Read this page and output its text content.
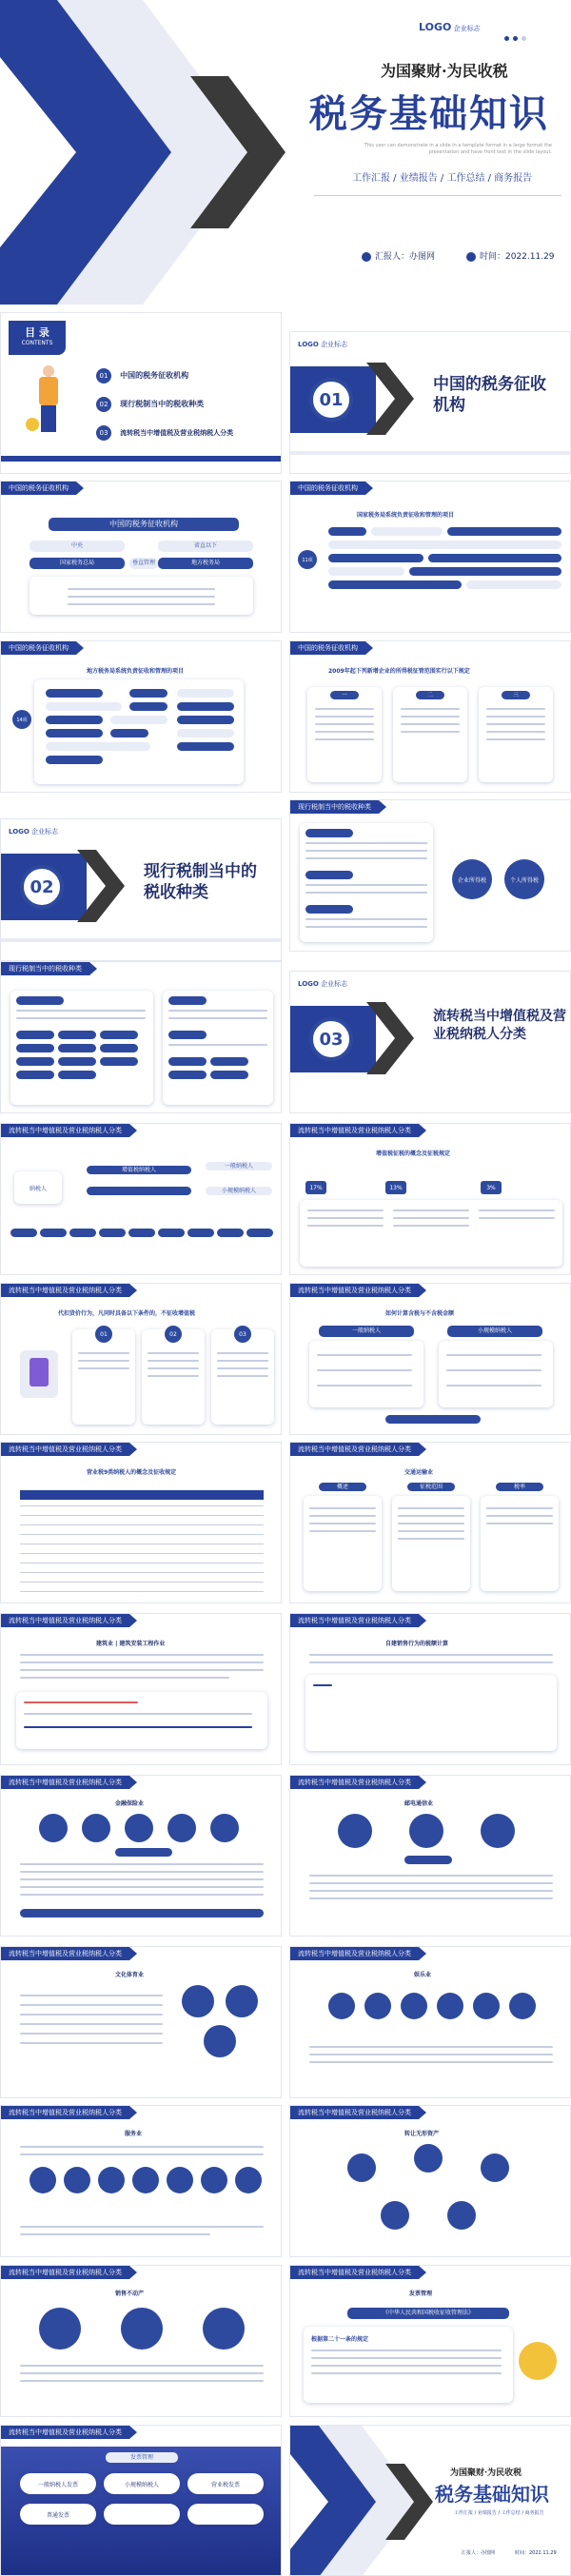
LOGO 企业标志
为国聚财·为民收税
税务基础知识
This user can demonstrate in a slide in a template format in a large format the presentation and have front text in the slide layout.
工作汇报 / 业绩报告 / 工作总结 / 商务报告
汇报人：办图网	时间：2022.11.29
目 录
CONTENTS
01 中国的税务征收机构
02 现行税制当中的税收种类
03 流转税当中增值税及营业税纳税人分类
LOGO 企业标志
01
中国的税务征收机构
中国的税务征收机构
中国的税务征收机构
中央	省直以下
国家税务总局	垂直管理	地方税务局
中国的税务征收机构
国家税务局系统负责征收和管理的项目
11项
中国的税务征收机构
地方税务局系统负责征收和管理的项目
14项
中国的税务征收机构
2009年起下列新增企业的所得税征管范围实行以下规定
一	二	三
LOGO 企业标志
02
现行税制当中的税收种类
现行税制当中的税收种类
企业所得税	个人所得税
现行税制当中的税收种类
LOGO 企业标志
03
流转税当中增值税及营业税纳税人分类
流转税当中增值税及营业税纳税人分类
纳税人
增值税纳税人
一般纳税人
小规模纳税人
流转税当中增值税及营业税纳税人分类
增值税征税的概念及征税规定
17%	13%	3%
流转税当中增值税及营业税纳税人分类
代扣货价行为，凡同时具备以下条件的，不征收增值税
01	02	03
流转税当中增值税及营业税纳税人分类
如何计算含税与不含税金额
一般纳税人	小规模纳税人
流转税当中增值税及营业税纳税人分类
营业税9类纳税人的概念及征收规定
流转税当中增值税及营业税纳税人分类
交通运输业
概述	征税范围	税率
流转税当中增值税及营业税纳税人分类
建筑业 | 建筑安装工程作业
流转税当中增值税及营业税纳税人分类
自建销售行为的税额计算
流转税当中增值税及营业税纳税人分类
金融保险业
流转税当中增值税及营业税纳税人分类
邮电通信业
流转税当中增值税及营业税纳税人分类
文化体育业
流转税当中增值税及营业税纳税人分类
娱乐业
流转税当中增值税及营业税纳税人分类
服务业
流转税当中增值税及营业税纳税人分类
转让无形资产
流转税当中增值税及营业税纳税人分类
销售不动产
流转税当中增值税及营业税纳税人分类
发票管理
《中华人民共和国税收征收管理法》
根据第二十一条的规定
流转税当中增值税及营业税纳税人分类
发票管理
一般纳税人发票	小规模纳税人	营业税发票
普通发票
为国聚财·为民收税
税务基础知识
工作汇报 / 业绩报告 / 工作总结 / 商务报告
汇报人：办图网	时间：2022.11.29
